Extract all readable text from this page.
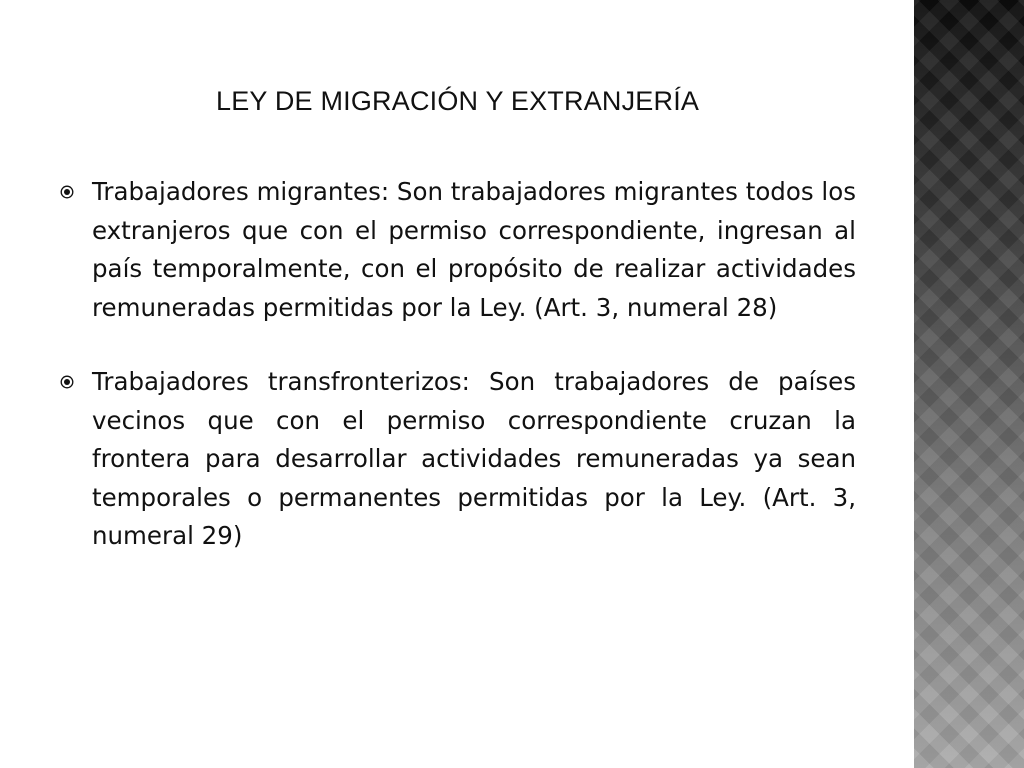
LEY DE MIGRACIÓN Y EXTRANJERÍA
Trabajadores migrantes: Son trabajadores migrantes todos los extranjeros que con el permiso correspondiente, ingresan al país temporalmente, con el propósito de realizar actividades remuneradas permitidas por la Ley. (Art. 3, numeral 28)
Trabajadores transfronterizos: Son trabajadores de países vecinos que con el permiso correspondiente cruzan la frontera para desarrollar actividades remuneradas ya sean temporales o permanentes permitidas por la Ley. (Art. 3, numeral 29)
